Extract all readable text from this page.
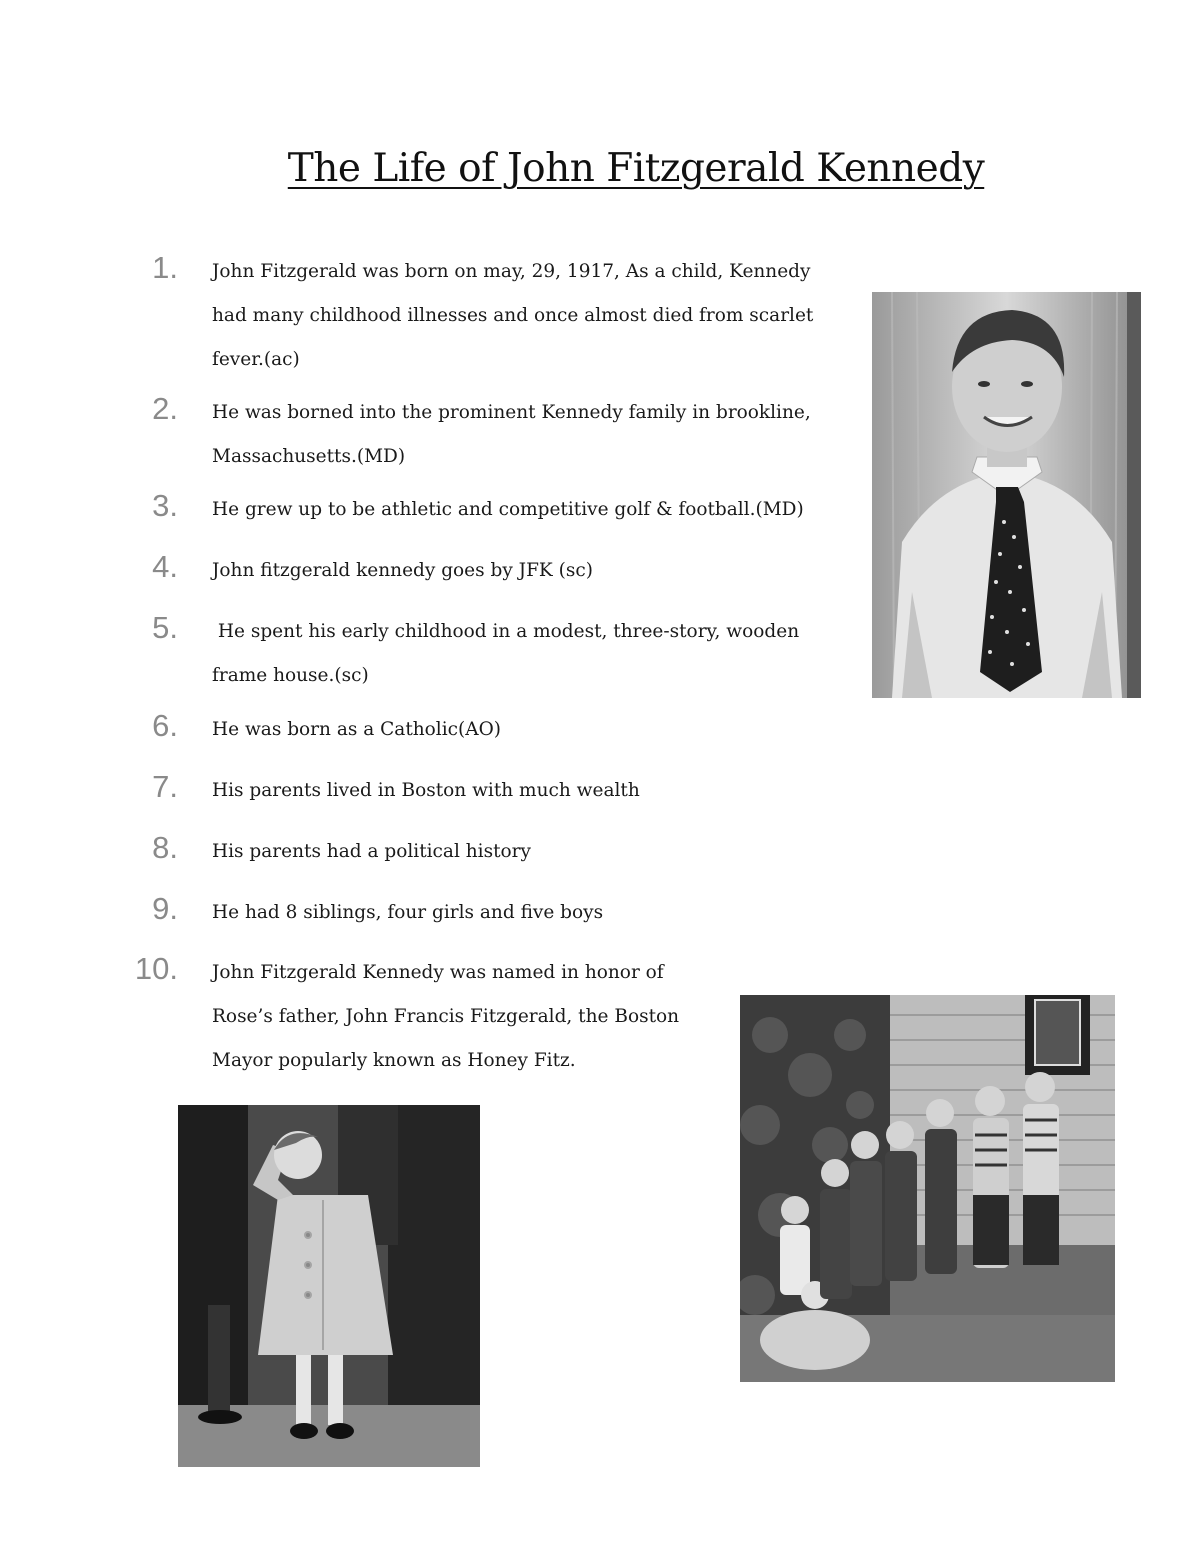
The Life of John Fitzgerald Kennedy
1. John Fitzgerald was born on may, 29, 1917, As a child, Kennedy
had many childhood illnesses and once almost died from scarlet
fever.(ac)
2. He was borned into the prominent Kennedy family in brookline,
Massachusetts.(MD)
3. He grew up to be athletic and competitive golf & football.(MD)
4. John fitzgerald kennedy goes by JFK (sc)
5. He spent his early childhood in a modest, three-story, wooden
frame house.(sc)
6. He was born as a Catholic(AO)
7. His parents lived in Boston with much wealth
8. His parents had a political history
9. He had 8 siblings, four girls and five boys
10. John Fitzgerald Kennedy was named in honor of
Rose’s father, John Francis Fitzgerald, the Boston
Mayor popularly known as Honey Fitz.
